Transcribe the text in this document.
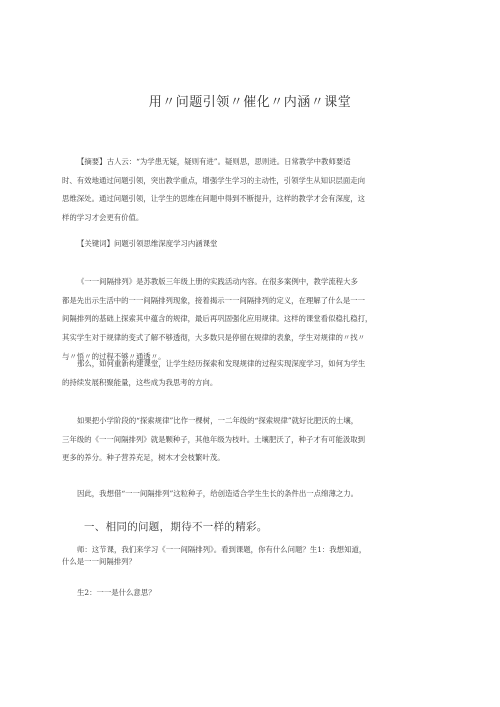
用〃问题引领〃催化〃内涵〃课堂
【摘要】古人云：“为学患无疑，疑则有进”。疑则思，思则进。日常教学中教师要适
时、有效地通过问题引领，突出教学重点，增强学生学习的主动性，引领学生从知识层面走向
思维深处。通过问题引领，让学生的思维在问题中得到不断提升，这样的教学才会有深度，这
样的学习才会更有价值。
【关键词】问题引领思维深度学习内涵课堂
《一一间隔排列》是苏教版三年级上册的实践活动内容。在很多案例中，教学流程大多
都是先出示生活中的一一间隔排列现象，接着揭示一一间隔排列的定义，在理解了什么是一一
间隔排列的基础上探索其中蕴含的规律，最后再巩固强化应用规律。这样的课堂看似稳扎稳打，
其实学生对于规律的变式了解不够透彻，大多数只是停留在规律的表象，学生对规律的〃找〃
与〃悟〃的过程不够〃通透〃。
那么，如何重新构建课堂，让学生经历探索和发现规律的过程实现深度学习，如何为学生
的持续发展积聚能量，这些成为我思考的方向。
如果把小学阶段的“探索规律”比作一棵树，一二年级的“探索规律”就好比肥沃的土壤，
三年级的《一一间隔排列》就是颗种子，其他年级为枝叶。土壤肥沃了，种子才有可能汲取到
更多的养分。种子营养充足，树木才会枝繁叶茂。
因此，我想借“一一间隔排列”这粒种子，给创造适合学生生长的条件出一点绵薄之力。
一、相同的问题，期待不一样的精彩。
师：这节课，我们来学习《一一间隔排列》。看到课题，你有什么问题？生1：我想知道，
什么是一一间隔排列？
生2：一一是什么意思？
